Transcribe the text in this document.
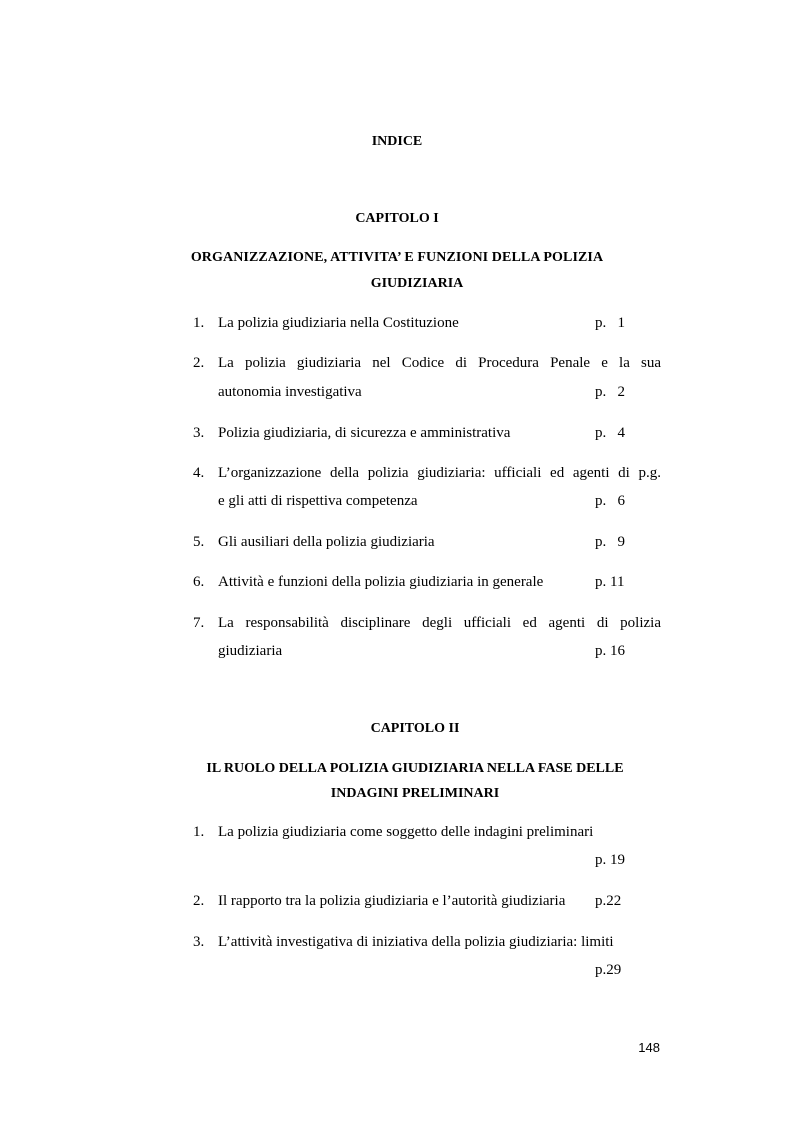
INDICE
CAPITOLO I
ORGANIZZAZIONE, ATTIVITA’ E FUNZIONI DELLA POLIZIA
GIUDIZIARIA
1. La polizia giudiziaria nella Costituzione	p.   1
2. La polizia giudiziaria nel Codice di Procedura Penale e la sua
autonomia investigativa	p.   2
3. Polizia giudiziaria, di sicurezza e amministrativa	p.   4
4. L’organizzazione della polizia giudiziaria: ufficiali ed agenti di p.g.
e gli atti di rispettiva competenza	p.   6
5. Gli ausiliari della polizia giudiziaria	p.   9
6. Attività e funzioni della polizia giudiziaria in generale	p. 11
7. La responsabilità disciplinare degli ufficiali ed agenti di polizia
giudiziaria	p. 16
CAPITOLO II
IL RUOLO DELLA POLIZIA GIUDIZIARIA NELLA FASE DELLE
INDAGINI PRELIMINARI
1. La polizia giudiziaria come soggetto delle indagini preliminari
p. 19
2. Il rapporto tra la polizia giudiziaria e l’autorità giudiziaria p.22
3. L’attività investigativa di iniziativa della polizia giudiziaria: limiti
p.29
148
